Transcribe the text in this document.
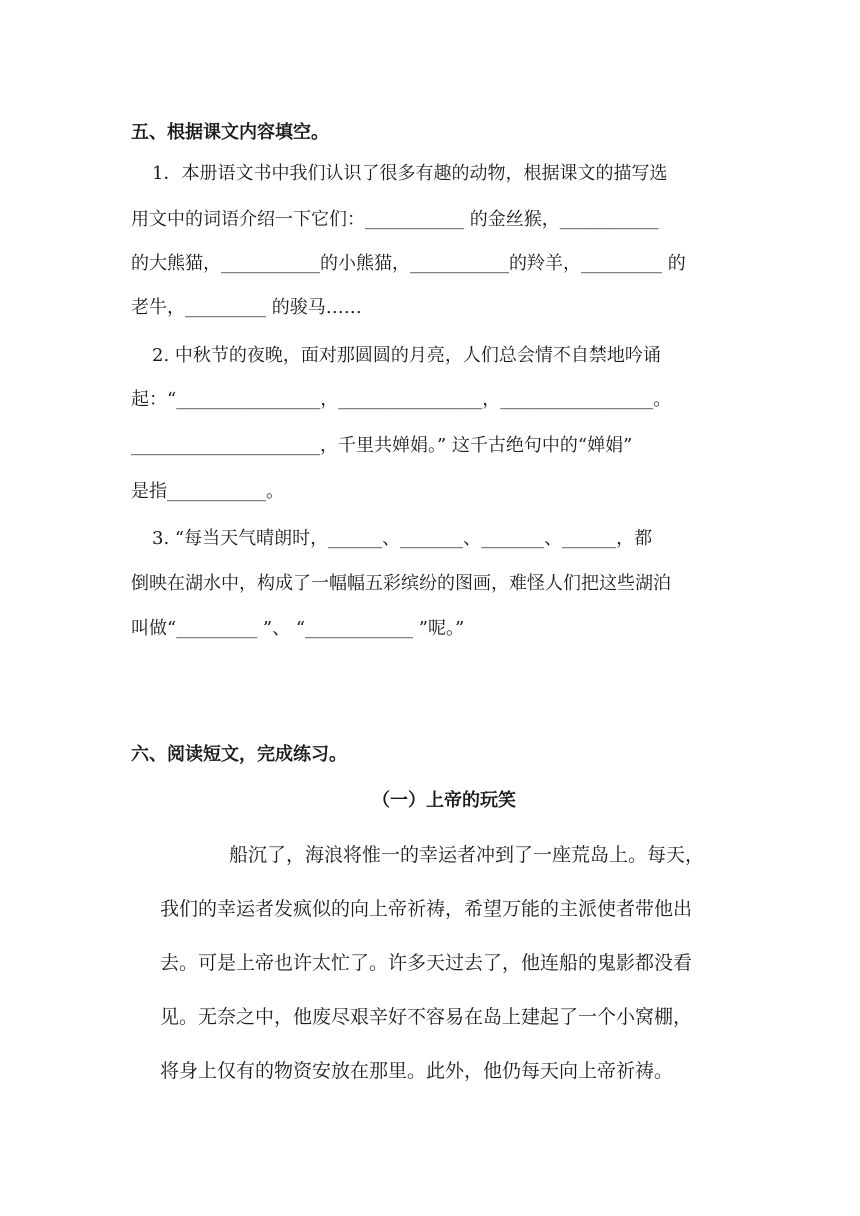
五、根据课文内容填空。
1．本册语文书中我们认识了很多有趣的动物，根据课文的描写选
用文中的词语介绍一下它们：___________ 的金丝猴，___________
的大熊猫，___________的小熊猫，___________的羚羊，_________ 的
老牛，_________ 的骏马……
2. 中秋节的夜晚，面对那圆圆的月亮，人们总会情不自禁地吟诵
起：“________________，________________，_________________。
_____________________，千里共婵娟。” 这千古绝句中的“婵娟”
是指___________。
3. “每当天气晴朗时，______、_______、_______、______，都
倒映在湖水中，构成了一幅幅五彩缤纷的图画，难怪人们把这些湖泊
叫做“_________ ”、 “____________ ”呢。”
六、阅读短文，完成练习。
（一）上帝的玩笑
船沉了，海浪将惟一的幸运者冲到了一座荒岛上。每天，
我们的幸运者发疯似的向上帝祈祷，希望万能的主派使者带他出
去。可是上帝也许太忙了。许多天过去了，他连船的鬼影都没看
见。无奈之中，他废尽艰辛好不容易在岛上建起了一个小窝棚，
将身上仅有的物资安放在那里。此外，他仍每天向上帝祈祷。
